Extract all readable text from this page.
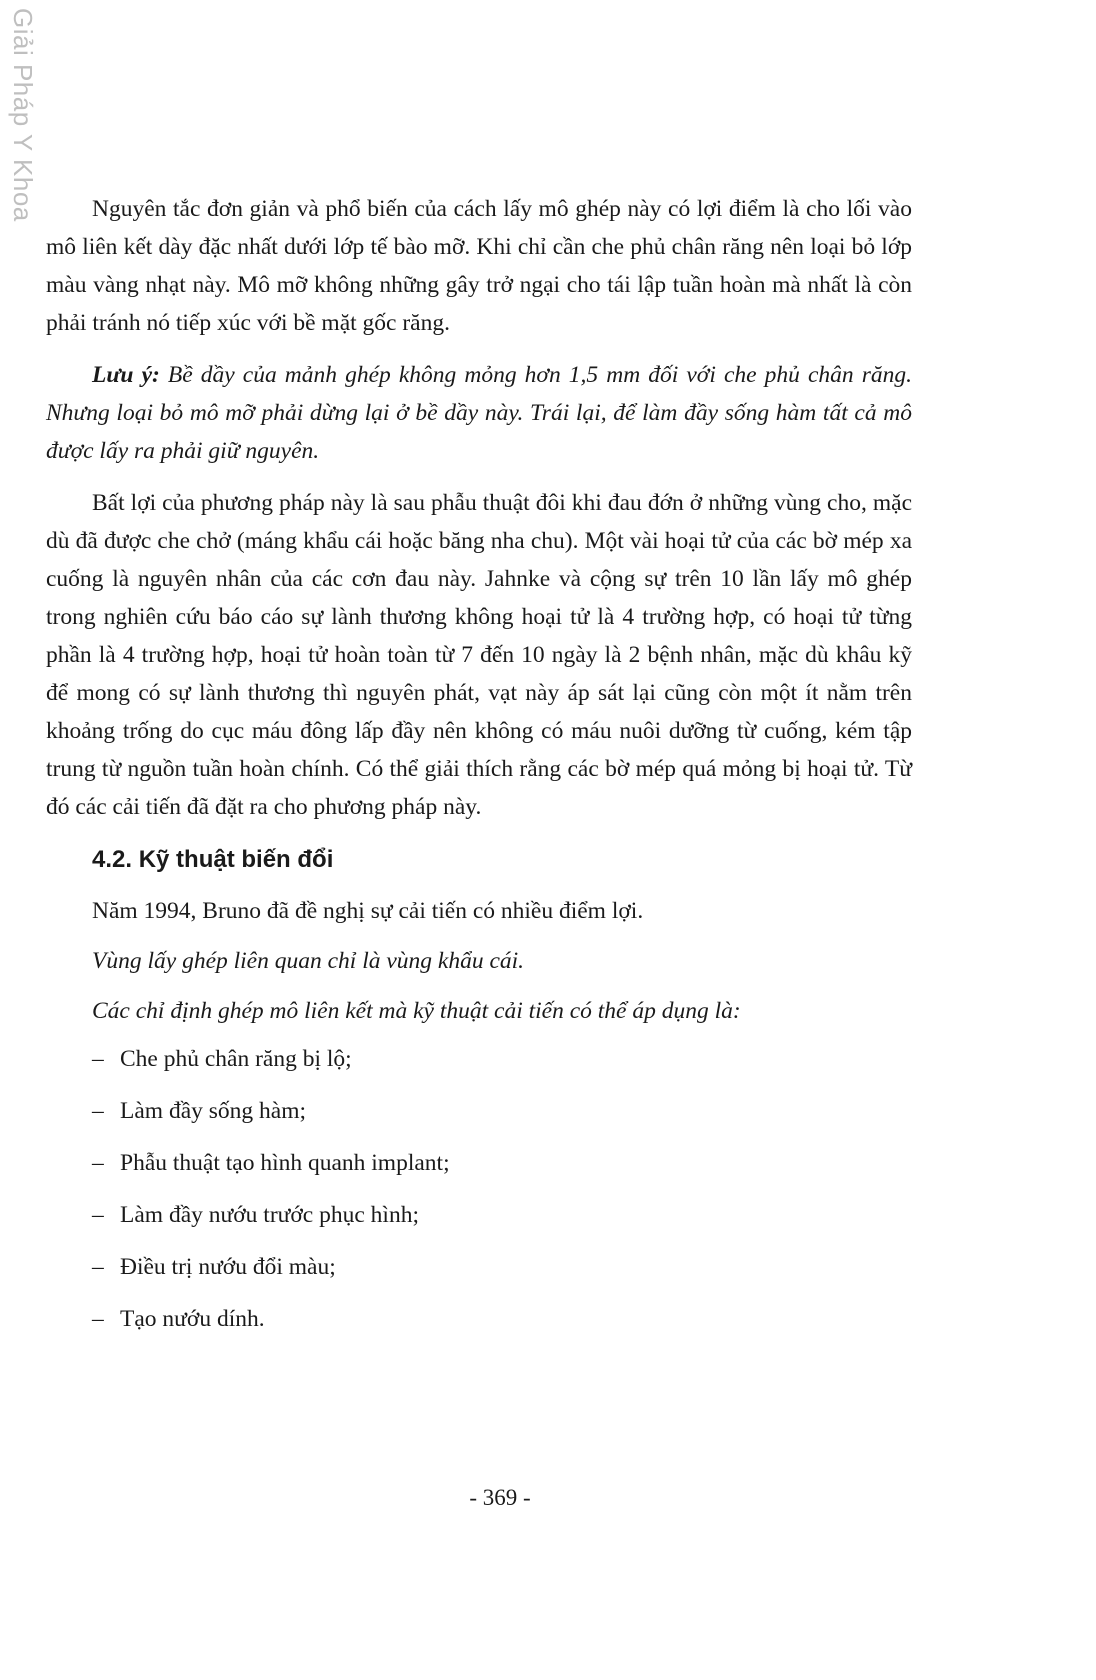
Giải Pháp Y Khoa	Nguyên tắc đơn giản và phổ biến của cách lấy mô ghép này có lợi điểm là cho lối vào mô liên kết dày đặc nhất dưới lớp tế bào mỡ. Khi chỉ cần che phủ chân răng nên loại bỏ lớp màu vàng nhạt này. Mô mỡ không những gây trở ngại cho tái lập tuần hoàn mà nhất là còn phải tránh nó tiếp xúc với bề mặt gốc răng.

Lưu ý: Bề dầy của mảnh ghép không mỏng hơn 1,5 mm đối với che phủ chân răng. Nhưng loại bỏ mô mỡ phải dừng lại ở bề dầy này. Trái lại, để làm đầy sống hàm tất cả mô được lấy ra phải giữ nguyên.

Bất lợi của phương pháp này là sau phẫu thuật đôi khi đau đớn ở những vùng cho, mặc dù đã được che chở (máng khẩu cái hoặc băng nha chu). Một vài hoại tử của các bờ mép xa cuống là nguyên nhân của các cơn đau này. Jahnke và cộng sự trên 10 lần lấy mô ghép trong nghiên cứu báo cáo sự lành thương không hoại tử là 4 trường hợp, có hoại tử từng phần là 4 trường hợp, hoại tử hoàn toàn từ 7 đến 10 ngày là 2 bệnh nhân, mặc dù khâu kỹ để mong có sự lành thương thì nguyên phát, vạt này áp sát lại cũng còn một ít nằm trên khoảng trống do cục máu đông lấp đầy nên không có máu nuôi dưỡng từ cuống, kém tập trung từ nguồn tuần hoàn chính. Có thể giải thích rằng các bờ mép quá mỏng bị hoại tử. Từ đó các cải tiến đã đặt ra cho phương pháp này.

4.2. Kỹ thuật biến đổi
Năm 1994, Bruno đã đề nghị sự cải tiến có nhiều điểm lợi.
Vùng lấy ghép liên quan chỉ là vùng khẩu cái.
Các chỉ định ghép mô liên kết mà kỹ thuật cải tiến có thể áp dụng là:
– Che phủ chân răng bị lộ;
– Làm đầy sống hàm;
– Phẫu thuật tạo hình quanh implant;
– Làm đầy nướu trước phục hình;
– Điều trị nướu đổi màu;
– Tạo nướu dính.
- 369 -
